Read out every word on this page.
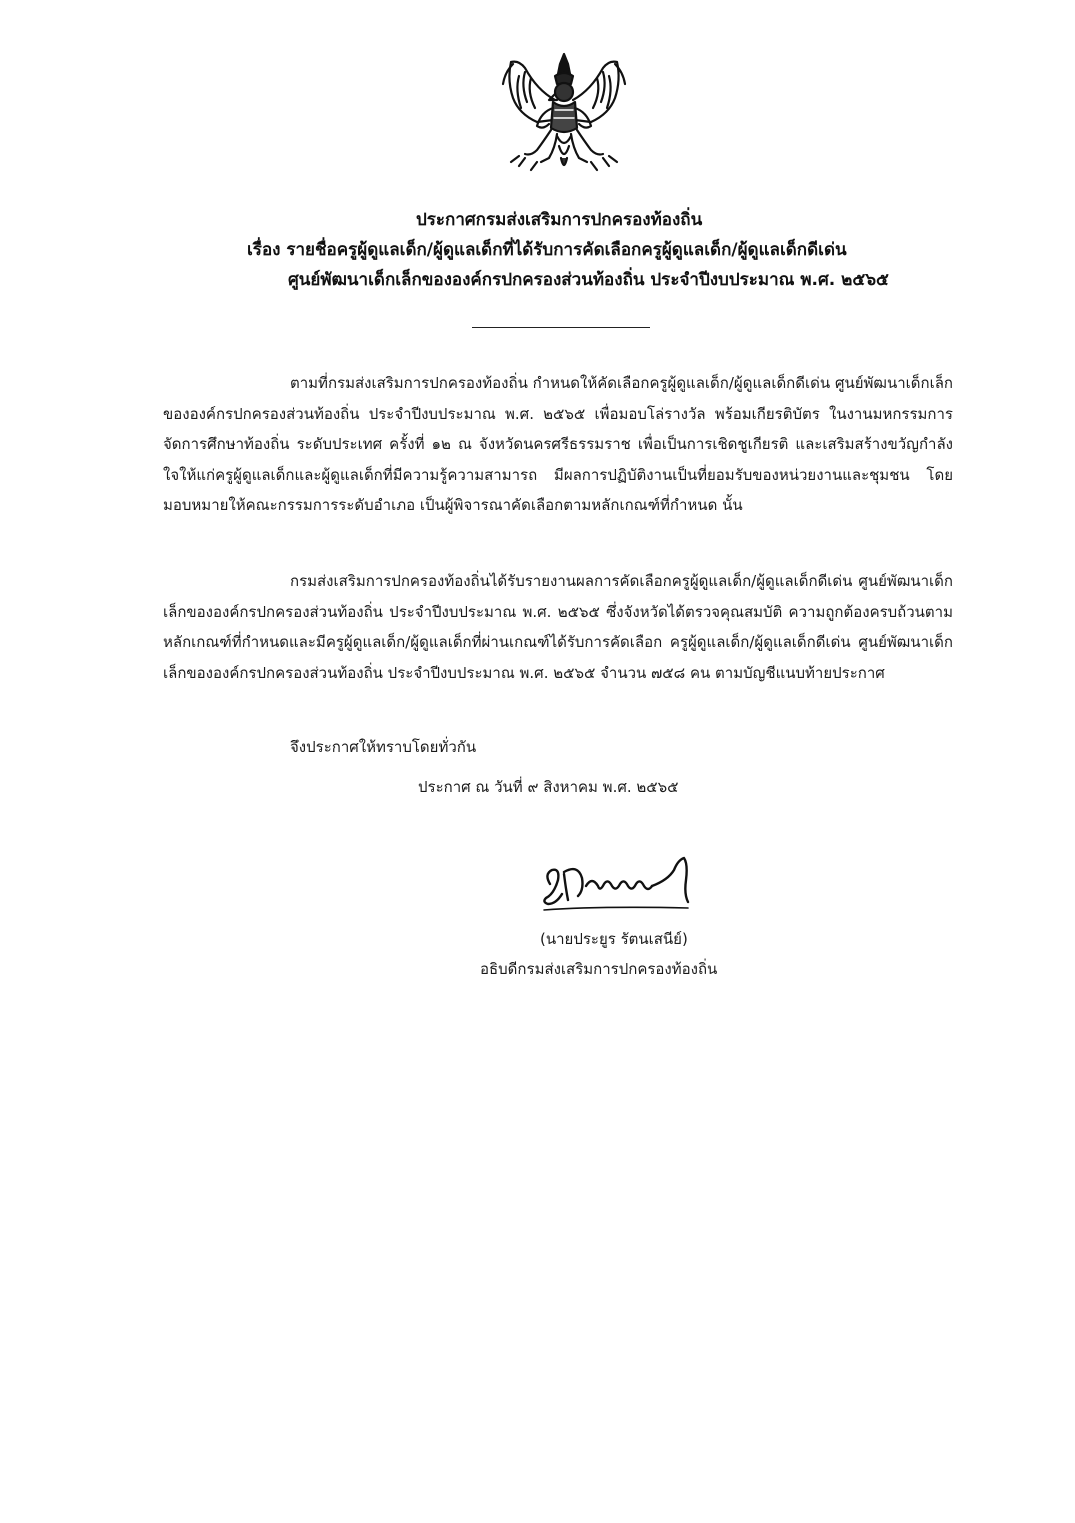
ประกาศกรมส่งเสริมการปกครองท้องถิ่น
เรื่อง รายชื่อครูผู้ดูแลเด็ก/ผู้ดูแลเด็กที่ได้รับการคัดเลือกครูผู้ดูแลเด็ก/ผู้ดูแลเด็กดีเด่น
ศูนย์พัฒนาเด็กเล็กขององค์กรปกครองส่วนท้องถิ่น ประจำปีงบประมาณ พ.ศ. ๒๕๖๕
ตามที่กรมส่งเสริมการปกครองท้องถิ่น กำหนดให้คัดเลือกครูผู้ดูแลเด็ก/ผู้ดูแลเด็กดีเด่น ศูนย์พัฒนาเด็กเล็กขององค์กรปกครองส่วนท้องถิ่น ประจำปีงบประมาณ พ.ศ. ๒๕๖๕ เพื่อมอบโล่รางวัล พร้อมเกียรติบัตร ในงานมหกรรมการจัดการศึกษาท้องถิ่น ระดับประเทศ ครั้งที่ ๑๒ ณ จังหวัดนครศรีธรรมราช เพื่อเป็นการเชิดชูเกียรติ และเสริมสร้างขวัญกำลังใจให้แก่ครูผู้ดูแลเด็กและผู้ดูแลเด็กที่มีความรู้ความสามารถ มีผลการปฏิบัติงานเป็นที่ยอมรับของหน่วยงานและชุมชน โดยมอบหมายให้คณะกรรมการระดับอำเภอ เป็นผู้พิจารณาคัดเลือกตามหลักเกณฑ์ที่กำหนด นั้น
กรมส่งเสริมการปกครองท้องถิ่นได้รับรายงานผลการคัดเลือกครูผู้ดูแลเด็ก/ผู้ดูแลเด็กดีเด่น ศูนย์พัฒนาเด็กเล็กขององค์กรปกครองส่วนท้องถิ่น ประจำปีงบประมาณ พ.ศ. ๒๕๖๕ ซึ่งจังหวัดได้ตรวจคุณสมบัติ ความถูกต้องครบถ้วนตามหลักเกณฑ์ที่กำหนดและมีครูผู้ดูแลเด็ก/ผู้ดูแลเด็กที่ผ่านเกณฑ์ได้รับการคัดเลือก ครูผู้ดูแลเด็ก/ผู้ดูแลเด็กดีเด่น ศูนย์พัฒนาเด็กเล็กขององค์กรปกครองส่วนท้องถิ่น ประจำปีงบประมาณ พ.ศ. ๒๕๖๕ จำนวน ๗๕๘ คน ตามบัญชีแนบท้ายประกาศ
จึงประกาศให้ทราบโดยทั่วกัน
ประกาศ ณ วันที่ ๙ สิงหาคม พ.ศ. ๒๕๖๕
(นายประยูร รัตนเสนีย์)
อธิบดีกรมส่งเสริมการปกครองท้องถิ่น
